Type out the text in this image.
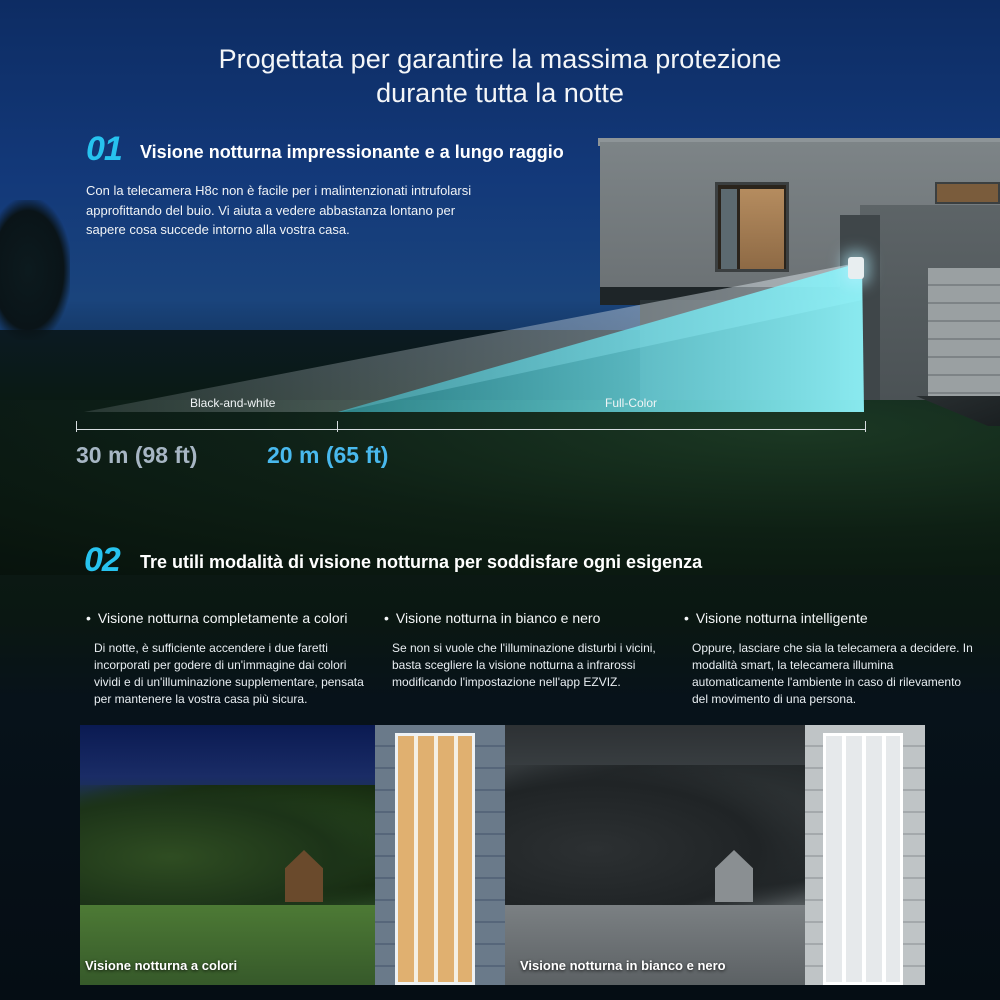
Progettata per garantire la massima protezione
durante tutta la notte
01 Visione notturna impressionante e a lungo raggio
Con la telecamera H8c non è facile per i malintenzionati intrufolarsi approfittando del buio. Vi aiuta a vedere abbastanza lontano per sapere cosa succede intorno alla vostra casa.
Black-and-white	Full-Color
30 m (98 ft)	20 m (65 ft)
02 Tre utili modalità di visione notturna per soddisfare ogni esigenza
• Visione notturna completamente a colori
Di notte, è sufficiente accendere i due faretti incorporati per godere di un'immagine dai colori vividi e di un'illuminazione supplementare, pensata per mantenere la vostra casa più sicura.
• Visione notturna in bianco e nero
Se non si vuole che l'illuminazione disturbi i vicini, basta scegliere la visione notturna a infrarossi modificando l'impostazione nell'app EZVIZ.
• Visione notturna intelligente
Oppure, lasciare che sia la telecamera a decidere. In modalità smart, la telecamera illumina automaticamente l'ambiente in caso di rilevamento del movimento di una persona.
Visione notturna a colori	Visione notturna in bianco e nero
